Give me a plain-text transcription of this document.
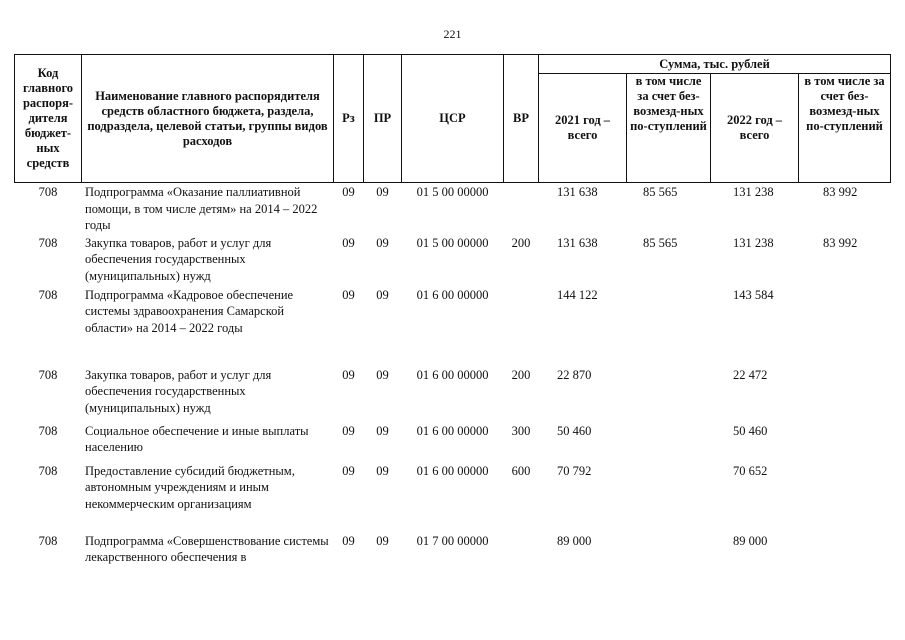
221
Код главного распоря-дителя бюджет-ных средств	Наименование главного распорядителя средств областного бюджета, раздела, подраздела, целевой статьи, группы видов расходов	Рз	ПР	ЦСР	ВР	Сумма, тыс. рублей			
						2021 год – всего	в том числе за счет без-возмезд-ных по-ступлений	2022 год – всего	в том числе за счет без-возмезд-ных по-ступлений
708	Подпрограмма «Оказание паллиативной помощи, в том числе детям» на 2014 – 2022 годы	09	09	01 5 00 00000		131 638	85 565	131 238	83 992
708	Закупка товаров, работ и услуг для обеспечения государственных (муниципальных) нужд	09	09	01 5 00 00000	200	131 638	85 565	131 238	83 992
708	Подпрограмма «Кадровое обеспечение системы здравоохранения Самарской области» на 2014 – 2022 годы	09	09	01 6 00 00000		144 122		143 584	
708	Закупка товаров, работ и услуг для обеспечения государственных (муниципальных) нужд	09	09	01 6 00 00000	200	22 870		22 472	
708	Социальное обеспечение и иные выплаты населению	09	09	01 6 00 00000	300	50 460		50 460	
708	Предоставление субсидий бюджетным, автономным учреждениям и иным некоммерческим организациям	09	09	01 6 00 00000	600	70 792		70 652	
708	Подпрограмма «Совершенствование системы лекарственного обеспечения в	09	09	01 7 00 00000		89 000		89 000	
